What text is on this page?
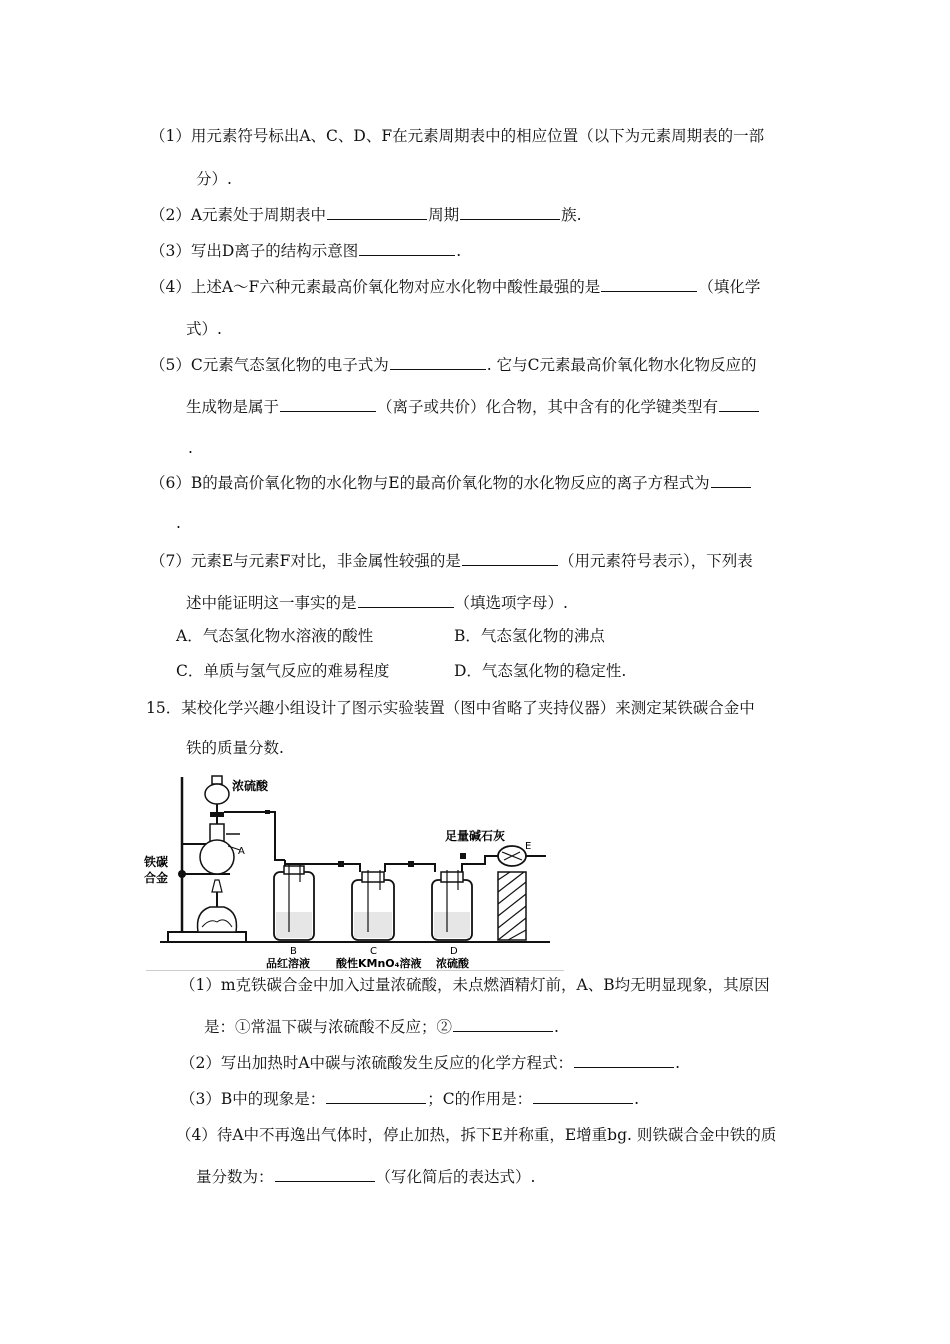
（1）用元素符号标出A、C、D、F在元素周期表中的相应位置（以下为元素周期表的一部
分）.
（2）A元素处于周期表中	周期	族.
（3）写出D离子的结构示意图	.
（4）上述A～F六种元素最高价氧化物对应水化物中酸性最强的是	（填化学
式）.
（5）C元素气态氢化物的电子式为	. 它与C元素最高价氧化物水化物反应的
生成物是属于	（离子或共价）化合物，其中含有的化学键类型有
.
（6）B的最高价氧化物的水化物与E的最高价氧化物的水化物反应的离子方程式为
.
（7）元素E与元素F对比，非金属性较强的是	（用元素符号表示），下列表
述中能证明这一事实的是	（填选项字母）.
A．气态氢化物水溶液的酸性	B．气态氢化物的沸点
C．单质与氢气反应的难易程度	D．气态氢化物的稳定性.
15．某校化学兴趣小组设计了图示实验装置（图中省略了夹持仪器）来测定某铁碳合金中
铁的质量分数.
浓硫酸
足量碱石灰
E
A
铁碳
合金
B
品红溶液
C
酸性KMnO₄溶液
D
浓硫酸
（1）m克铁碳合金中加入过量浓硫酸，未点燃酒精灯前，A、B均无明显现象，其原因
是：①常温下碳与浓硫酸不反应；②	.
（2）写出加热时A中碳与浓硫酸发生反应的化学方程式：	.
（3）B中的现象是：	；C的作用是：	.
（4）待A中不再逸出气体时，停止加热，拆下E并称重，E增重bg. 则铁碳合金中铁的质
量分数为：	（写化简后的表达式）.
